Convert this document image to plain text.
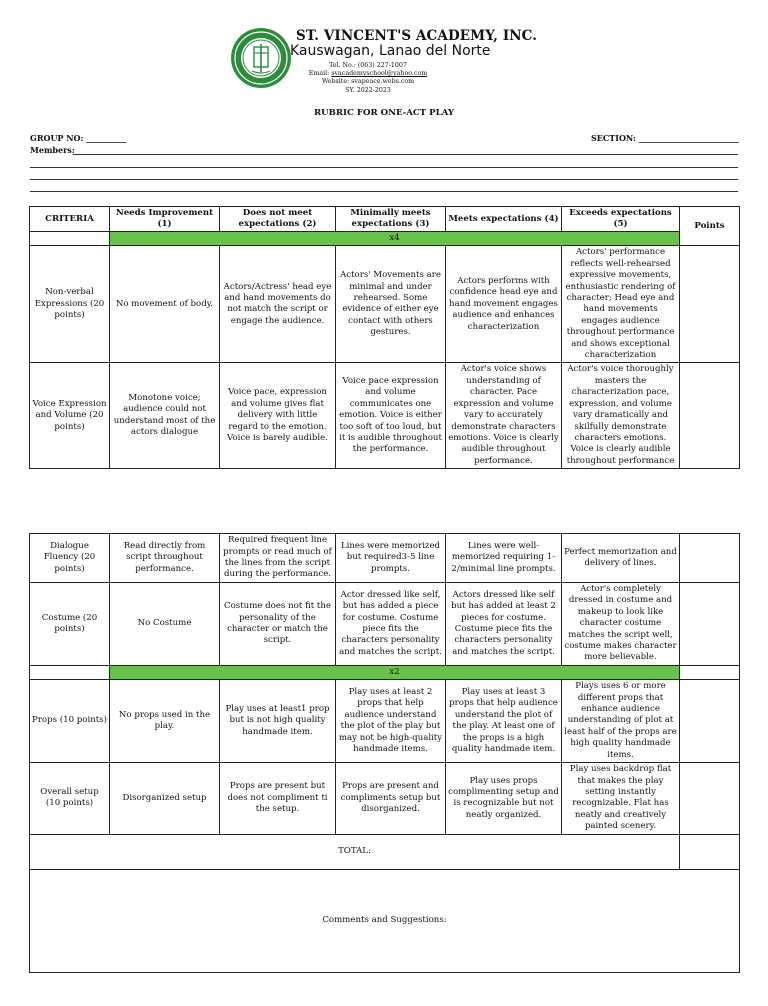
ST. VINCENT'S ACADEMY, INC.
Kauswagan, Lanao del Norte
Tel. No.: (063) 227-1007
Email: svacademyschool@yahoo.com
Website: svapeace.webs.com
SY. 2022-2023
RUBRIC FOR ONE-ACT PLAY
GROUP NO: __________	SECTION: _________________________
Members:
CRITERIA	Needs Improvement (1)	Does not meet expectations (2)	Minimally meets expectations (3)	Meets expectations (4)	Exceeds expectations (5)	Points
	x4					
Non-verbal Expressions (20 points)	No movement of body.	Actors/Actress' head eye and hand movements do not match the script or engage the audience.	Actors' Movements are minimal and under rehearsed. Some evidence of either eye contact with others gestures.	Actors performs with confidence head eye and hand movement engages audience and enhances characterization	Actors' performance reflects well-rehearsed expressive movements, enthusiastic rendering of character; Head eye and hand movements engages audience throughout performance and shows exceptional characterization	
Voice Expression and Volume (20 points)	Monotone voice; audience could not understand most of the actors dialogue	Voice pace, expression and volume gives flat delivery with little regard to the emotion. Voice is barely audible.	Voice pace expression and volume communicates one emotion. Voice is either too soft of too loud, but it is audible throughout the performance.	Actor's voice shows understanding of character. Pace expression and volume vary to accurately demonstrate characters emotions. Voice is clearly audible throughout performance.	Actor's voice thoroughly masters the characterization pace, expression, and volume vary dramatically and skilfully demonstrate characters emotions. Voice is clearly audible throughout performance	
Dialogue Fluency (20 points)	Read directly from script throughout performance.	Required frequent line prompts or read much of the lines from the script during the performance.	Lines were memorized but required3-5 line prompts.	Lines were well-memorized requiring 1-2/minimal line prompts.	Perfect memorization and delivery of lines.	
Costume (20 points)	No Costume	Costume does not fit the personality of the character or match the script.	Actor dressed like self, but has added a piece for costume. Costume piece fits the characters personality and matches the script.	Actors dressed like self but has added at least 2 pieces for costume. Costume piece fits the characters personality and matches the script.	Actor's completely dressed in costume and makeup to look like character costume matches the script well, costume makes character more believable.	
	x2					
Props (10 points)	No props used in the play.	Play uses at least1 prop but is not high quality handmade item.	Play uses at least 2 props that help audience understand the plot of the play but may not be high-quality handmade items.	Play uses at least 3 props that help audience understand the plot of the play. At least one of the props is a high quality handmade item.	Plays uses 6 or more different props that enhance audience understanding of plot at least half of the props are high quality handmade items.	
Overall setup (10 points)	Disorganized setup	Props are present but does not compliment ti the setup.	Props are present and compliments setup but disorganized.	Play uses props complimenting setup and is recognizable but not neatly organized.	Play uses backdrop flat that makes the play setting instantly recognizable. Flat has neatly and creatively painted scenery.	
TOTAL:						
Comments and Suggestions:						
